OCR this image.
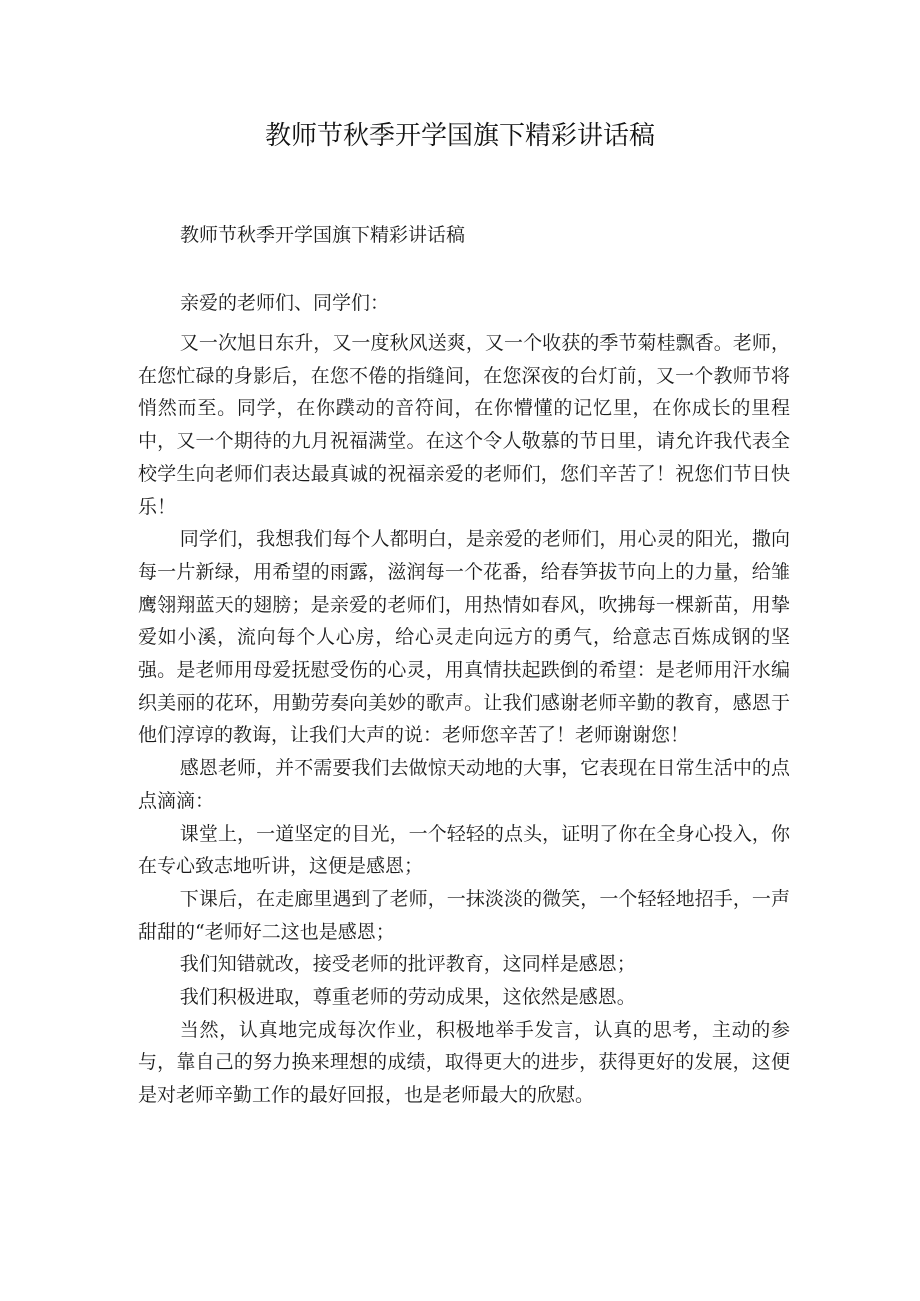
教师节秋季开学国旗下精彩讲话稿

教师节秋季开学国旗下精彩讲话稿

亲爱的老师们、同学们：

又一次旭日东升，又一度秋风送爽，又一个收获的季节菊桂飘香。老师，在您忙碌的身影后，在您不倦的指缝间，在您深夜的台灯前，又一个教师节将悄然而至。同学，在你蹼动的音符间，在你懵懂的记忆里，在你成长的里程中，又一个期待的九月祝福满堂。在这个令人敬慕的节日里，请允许我代表全校学生向老师们表达最真诚的祝福亲爱的老师们，您们辛苦了！祝您们节日快乐！

同学们，我想我们每个人都明白，是亲爱的老师们，用心灵的阳光，撒向每一片新绿，用希望的雨露，滋润每一个花番，给春笋拔节向上的力量，给雏鹰翎翔蓝天的翅膀；是亲爱的老师们，用热情如春风，吹拂每一棵新苗，用挚爱如小溪，流向每个人心房，给心灵走向远方的勇气，给意志百炼成钢的坚强。是老师用母爱抚慰受伤的心灵，用真情扶起跌倒的希望：是老师用汗水编织美丽的花环，用勤劳奏向美妙的歌声。让我们感谢老师辛勤的教育，感恩于他们淳谆的教诲，让我们大声的说：老师您辛苦了！老师谢谢您！

感恩老师，并不需要我们去做惊天动地的大事，它表现在日常生活中的点点滴滴：

课堂上，一道坚定的目光，一个轻轻的点头，证明了你在全身心投入，你在专心致志地听讲，这便是感恩；

下课后，在走廊里遇到了老师，一抹淡淡的微笑，一个轻轻地招手，一声甜甜的“老师好二这也是感恩；

我们知错就改，接受老师的批评教育，这同样是感恩；

我们积极进取，尊重老师的劳动成果，这依然是感恩。

当然，认真地完成每次作业，积极地举手发言，认真的思考，主动的参与，靠自己的努力换来理想的成绩，取得更大的进步，获得更好的发展，这便是对老师辛勤工作的最好回报，也是老师最大的欣慰。
